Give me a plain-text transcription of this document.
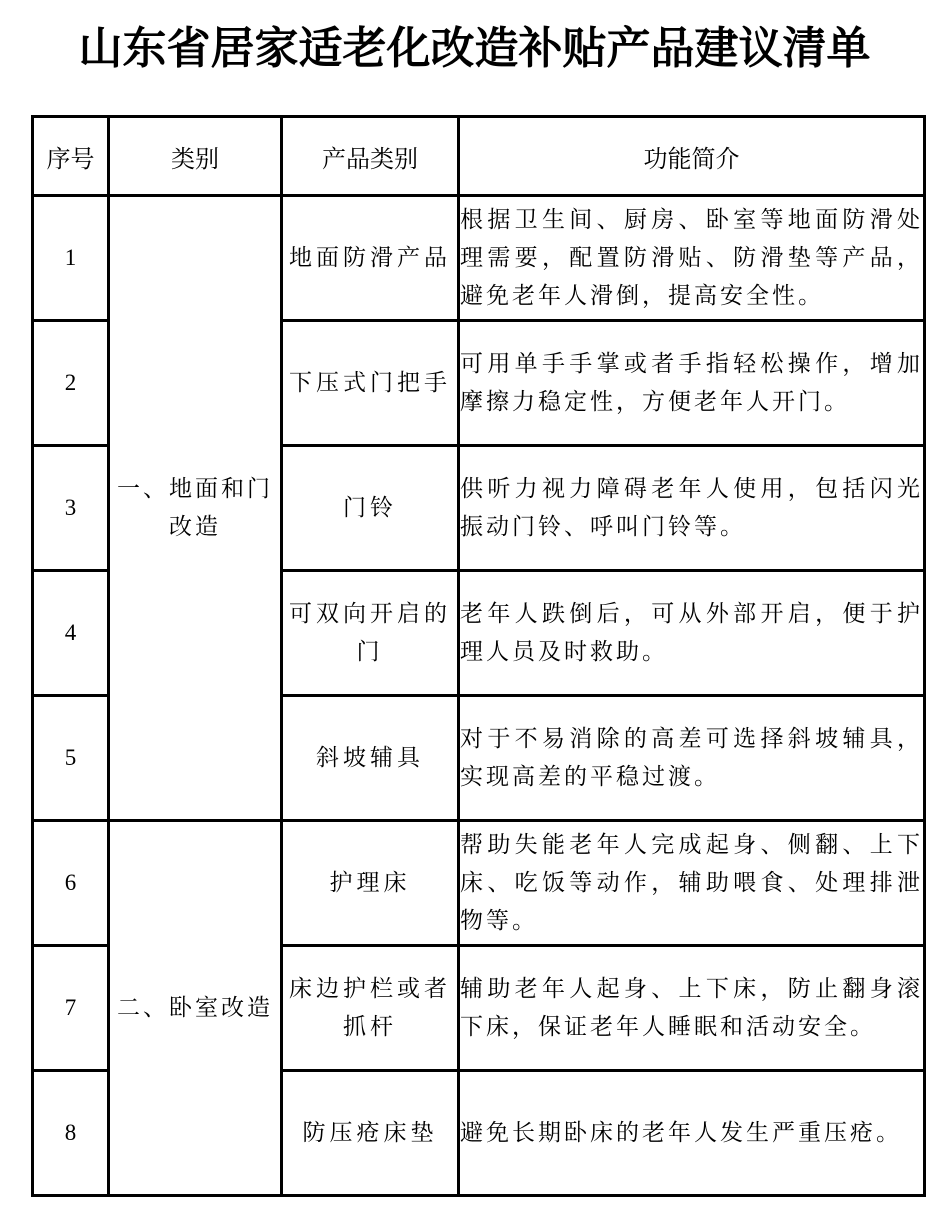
山东省居家适老化改造补贴产品建议清单
序号	类别	产品类别	功能简介
1	一、地面和门改造	地面防滑产品	根据卫生间、厨房、卧室等地面防滑处理需要，配置防滑贴、防滑垫等产品，避免老年人滑倒，提高安全性。
2		下压式门把手	可用单手手掌或者手指轻松操作，增加摩擦力稳定性，方便老年人开门。
3		门铃	供听力视力障碍老年人使用，包括闪光振动门铃、呼叫门铃等。
4		可双向开启的门	老年人跌倒后，可从外部开启，便于护理人员及时救助。
5		斜坡辅具	对于不易消除的高差可选择斜坡辅具，实现高差的平稳过渡。
6	二、卧室改造	护理床	帮助失能老年人完成起身、侧翻、上下床、吃饭等动作，辅助喂食、处理排泄物等。
7		床边护栏或者抓杆	辅助老年人起身、上下床，防止翻身滚下床，保证老年人睡眠和活动安全。
8		防压疮床垫	避免长期卧床的老年人发生严重压疮。
